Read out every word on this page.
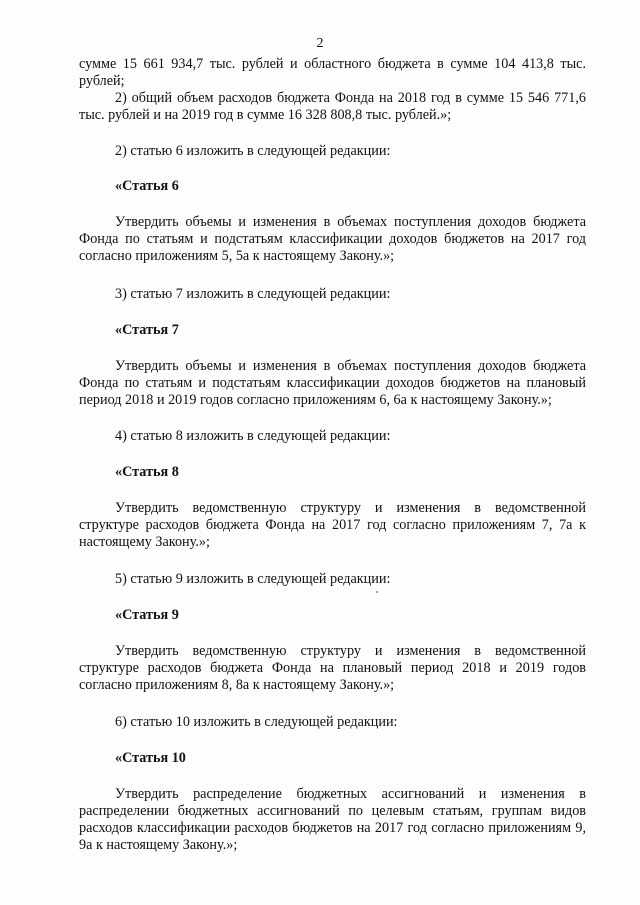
2

сумме 15 661 934,7 тыс. рублей и областного бюджета в сумме 104 413,8 тыс. рублей;

2) общий объем расходов бюджета Фонда на 2018 год в сумме 15 546 771,6 тыс. рублей и на 2019 год в сумме 16 328 808,8 тыс. рублей.»;

2) статью 6 изложить в следующей редакции:

«Статья 6

Утвердить объемы и изменения в объемах поступления доходов бюджета Фонда по статьям и подстатьям классификации доходов бюджетов на 2017 год согласно приложениям 5, 5а к настоящему Закону.»;

3) статью 7 изложить в следующей редакции:

«Статья 7

Утвердить объемы и изменения в объемах поступления доходов бюджета Фонда по статьям и подстатьям классификации доходов бюджетов на плановый период 2018 и 2019 годов согласно приложениям 6, 6а к настоящему Закону.»;

4) статью 8 изложить в следующей редакции:

«Статья 8

Утвердить ведомственную структуру и изменения в ведомственной структуре расходов бюджета Фонда на 2017 год согласно приложениям 7, 7а к настоящему Закону.»;

5) статью 9 изложить в следующей редакции:

«Статья 9

Утвердить ведомственную структуру и изменения в ведомственной структуре расходов бюджета Фонда на плановый период 2018 и 2019 годов согласно приложениям 8, 8а к настоящему Закону.»;

6) статью 10 изложить в следующей редакции:

«Статья 10

Утвердить распределение бюджетных ассигнований и изменения в распределении бюджетных ассигнований по целевым статьям, группам видов расходов классификации расходов бюджетов на 2017 год согласно приложениям 9, 9а к настоящему Закону.»;
